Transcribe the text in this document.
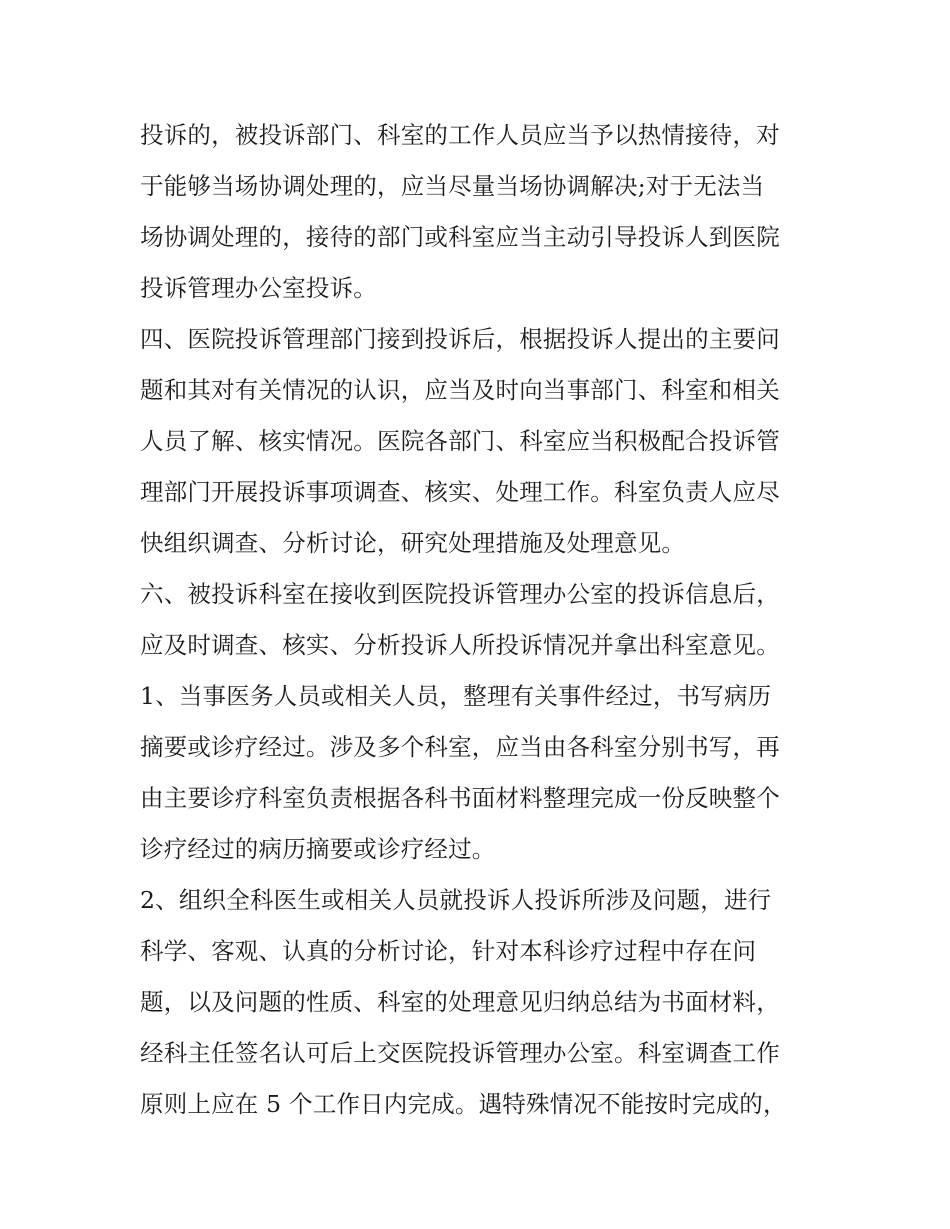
投诉的，被投诉部门、科室的工作人员应当予以热情接待，对
于能够当场协调处理的，应当尽量当场协调解决;对于无法当
场协调处理的，接待的部门或科室应当主动引导投诉人到医院
投诉管理办公室投诉。
四、医院投诉管理部门接到投诉后，根据投诉人提出的主要问
题和其对有关情况的认识，应当及时向当事部门、科室和相关
人员了解、核实情况。医院各部门、科室应当积极配合投诉管
理部门开展投诉事项调查、核实、处理工作。科室负责人应尽
快组织调查、分析讨论，研究处理措施及处理意见。
六、被投诉科室在接收到医院投诉管理办公室的投诉信息后，
应及时调查、核实、分析投诉人所投诉情况并拿出科室意见。
1、当事医务人员或相关人员，整理有关事件经过，书写病历
摘要或诊疗经过。涉及多个科室，应当由各科室分别书写，再
由主要诊疗科室负责根据各科书面材料整理完成一份反映整个
诊疗经过的病历摘要或诊疗经过。
2、组织全科医生或相关人员就投诉人投诉所涉及问题，进行
科学、客观、认真的分析讨论，针对本科诊疗过程中存在问
题，以及问题的性质、科室的处理意见归纳总结为书面材料，
经科主任签名认可后上交医院投诉管理办公室。科室调查工作
原则上应在 5 个工作日内完成。遇特殊情况不能按时完成的，
